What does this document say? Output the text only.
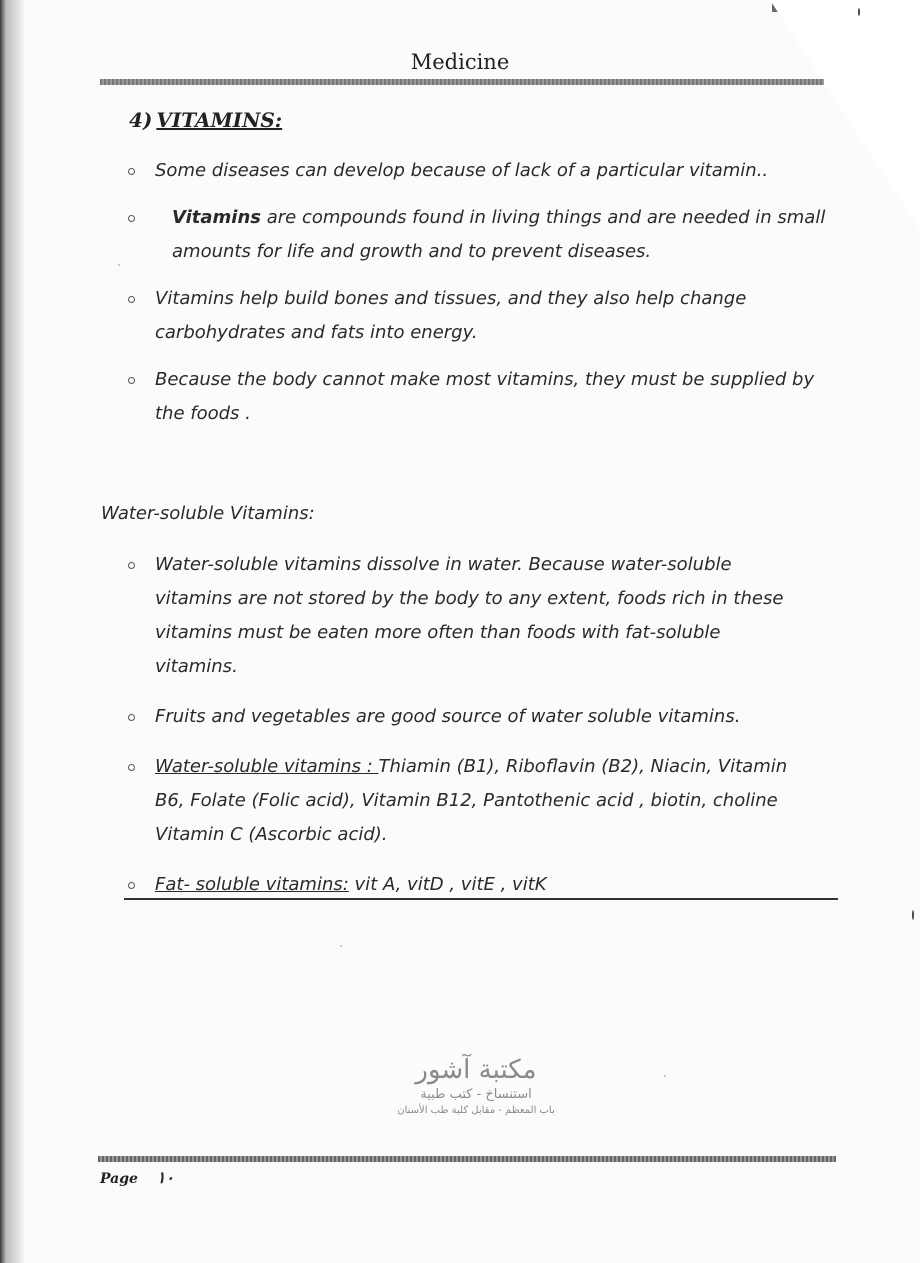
Medicine
4) VITAMINS:
Some diseases can develop because of lack of a particular vitamin..
Vitamins are compounds found in living things and are needed in small amounts for life and growth and to prevent diseases.
Vitamins help build bones and tissues, and they also help change carbohydrates and fats into energy.
Because the body cannot make most vitamins, they must be supplied by the foods .
Water-soluble Vitamins:
Water-soluble vitamins dissolve in water. Because water-soluble vitamins are not stored by the body to any extent, foods rich in these vitamins must be eaten more often than foods with fat-soluble vitamins.
Fruits and vegetables are good source of water soluble vitamins.
Water-soluble vitamins : Thiamin (B1), Riboflavin (B2), Niacin, Vitamin B6, Folate (Folic acid), Vitamin B12, Pantothenic acid , biotin, choline Vitamin C (Ascorbic acid).
Fat- soluble vitamins: vit A, vitD , vitE , vitK
مكتبة آشور
استنساخ - كتب طبية
باب المعظم - مقابل كلية طب الأسنان
Page ١٠
